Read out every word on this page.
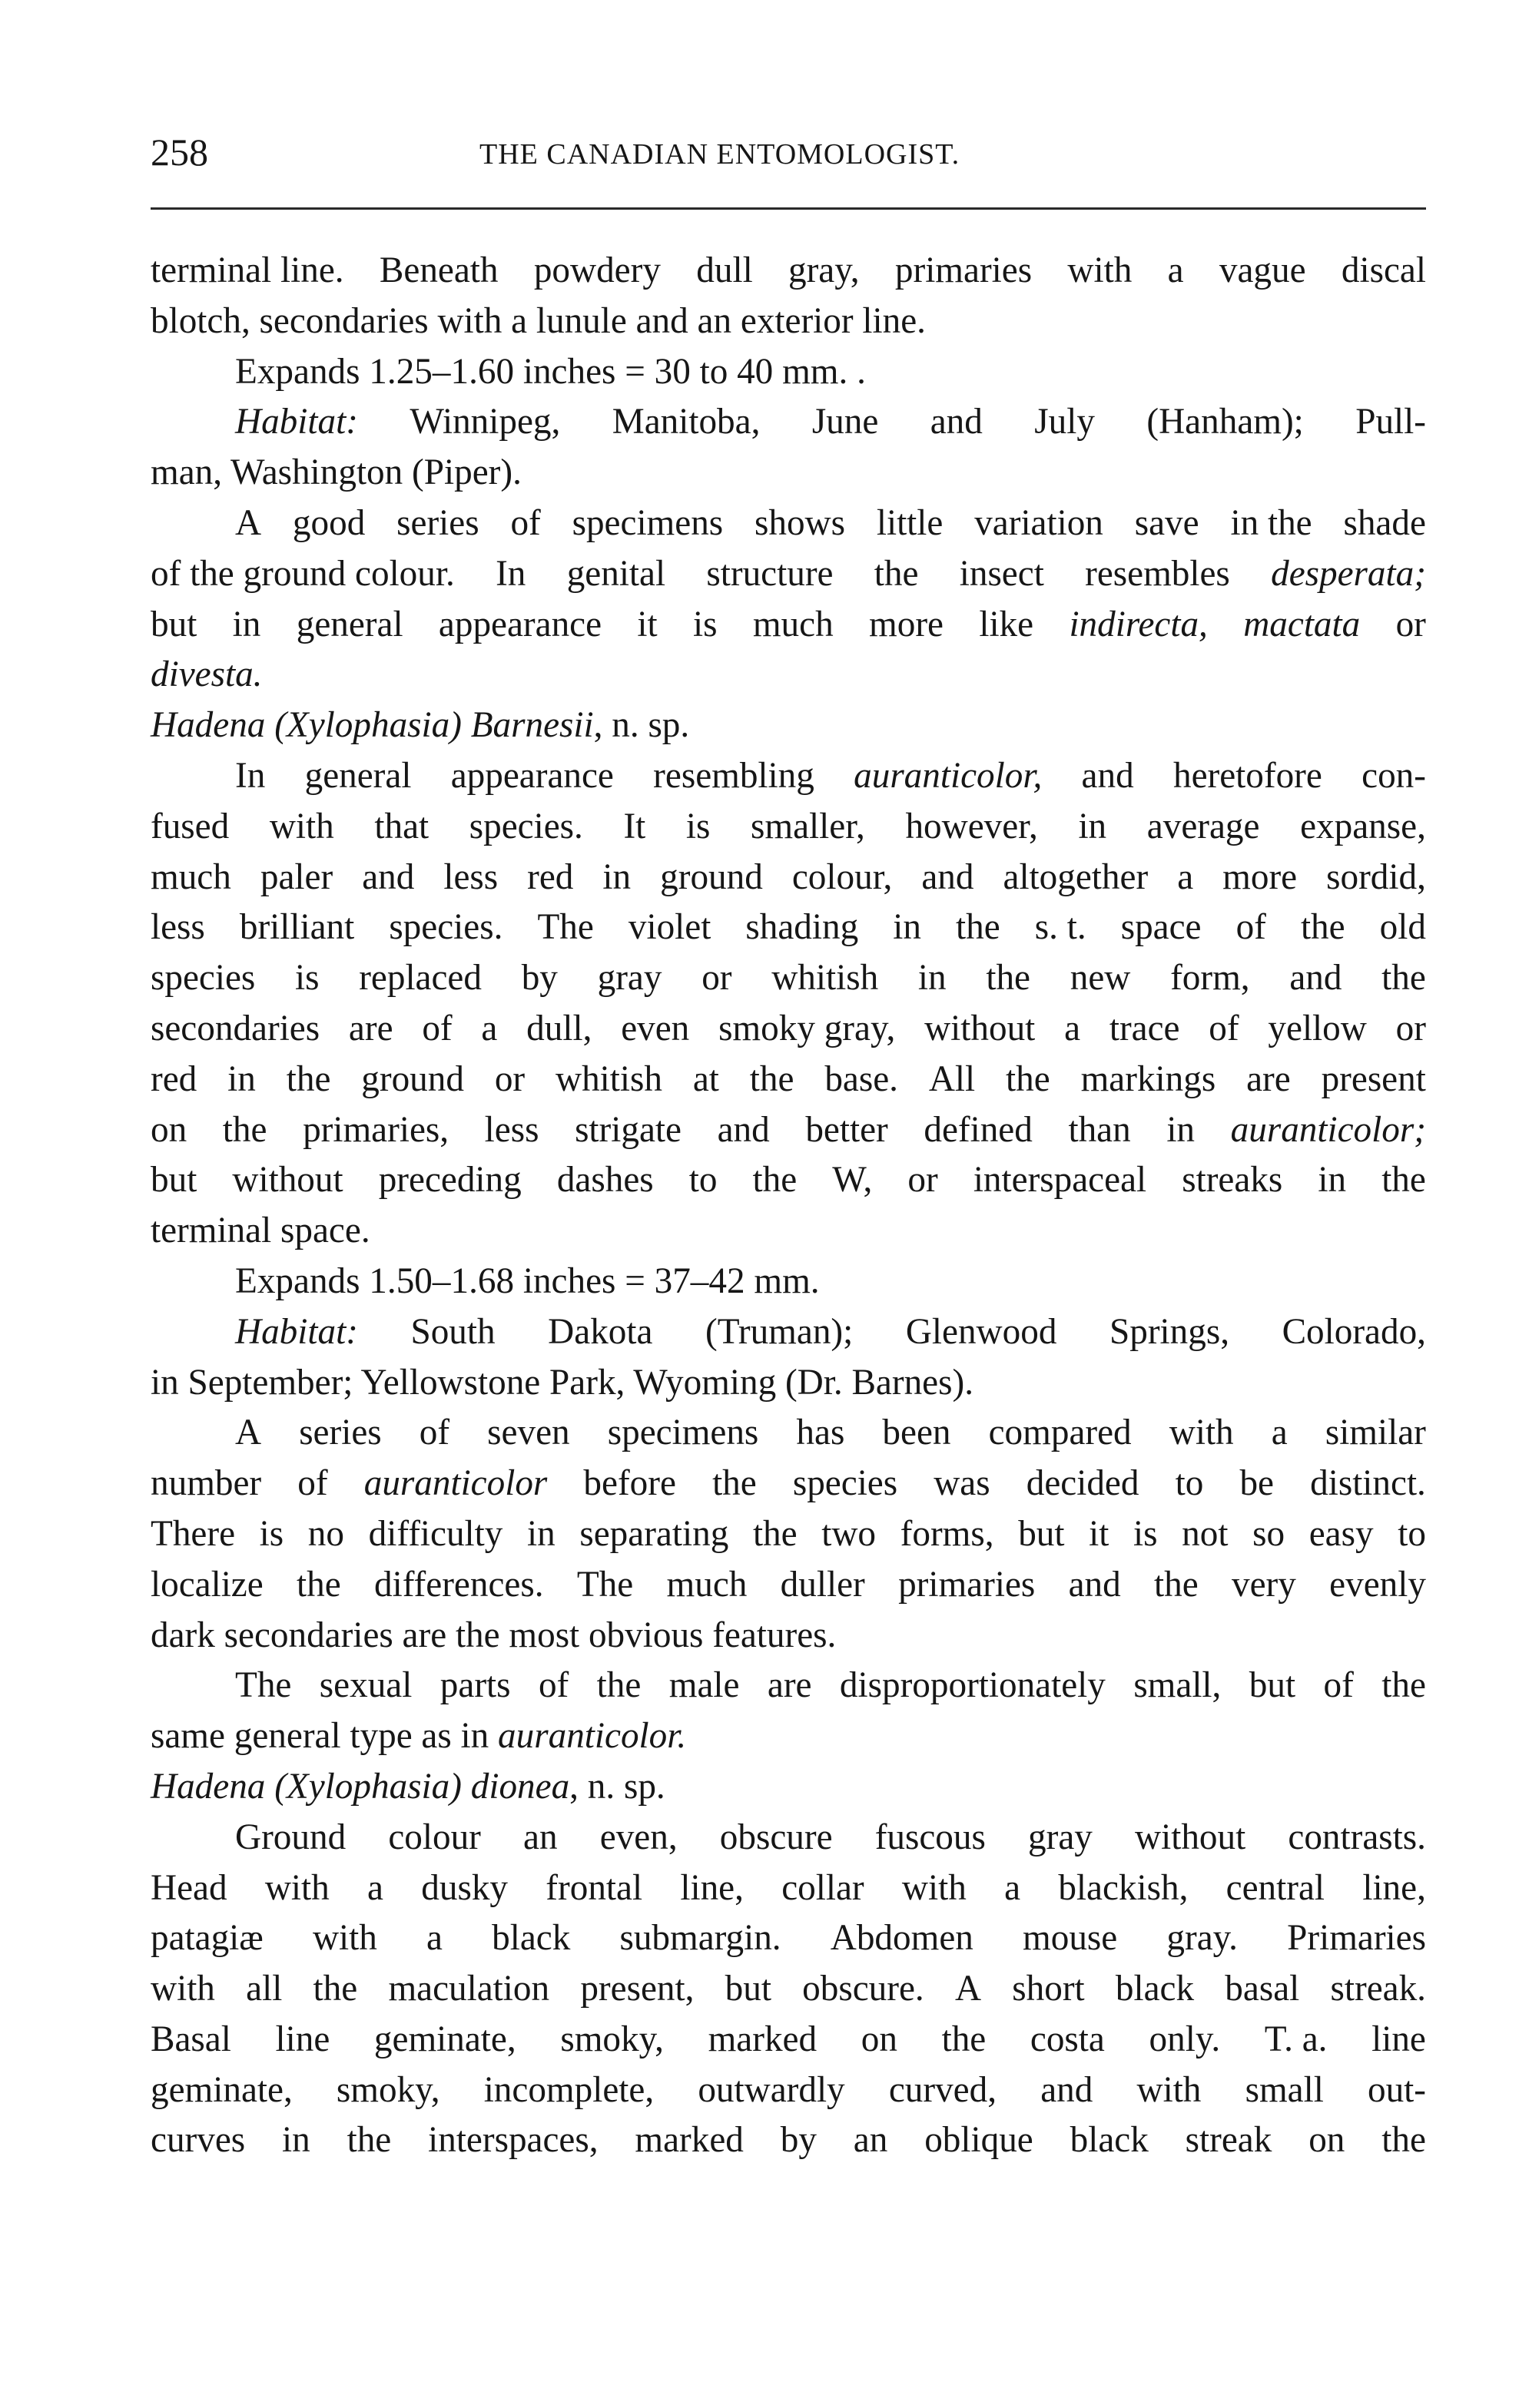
258	THE CANADIAN ENTOMOLOGIST.
terminal line. Beneath powdery dull gray, primaries with a vague discal
blotch, secondaries with a lunule and an exterior line.
Expands 1.25–1.60 inches = 30 to 40 mm. .
Habitat: Winnipeg, Manitoba, June and July (Hanham); Pull-
man, Washington (Piper).
A good series of specimens shows little variation save in the shade
of the ground colour. In genital structure the insect resembles desperata;
but in general appearance it is much more like indirecta, mactata or
divesta.
Hadena (Xylophasia) Barnesii, n. sp.
In general appearance resembling auranticolor, and heretofore con-
fused with that species. It is smaller, however, in average expanse,
much paler and less red in ground colour, and altogether a more sordid,
less brilliant species. The violet shading in the s. t. space of the old
species is replaced by gray or whitish in the new form, and the
secondaries are of a dull, even smoky gray, without a trace of yellow or
red in the ground or whitish at the base. All the markings are present
on the primaries, less strigate and better defined than in auranticolor;
but without preceding dashes to the W, or interspaceal streaks in the
terminal space.
Expands 1.50–1.68 inches = 37–42 mm.
Habitat: South Dakota (Truman); Glenwood Springs, Colorado,
in September; Yellowstone Park, Wyoming (Dr. Barnes).
A series of seven specimens has been compared with a similar
number of auranticolor before the species was decided to be distinct.
There is no difficulty in separating the two forms, but it is not so easy to
localize the differences. The much duller primaries and the very evenly
dark secondaries are the most obvious features.
The sexual parts of the male are disproportionately small, but of the
same general type as in auranticolor.
Hadena (Xylophasia) dionea, n. sp.
Ground colour an even, obscure fuscous gray without contrasts.
Head with a dusky frontal line, collar with a blackish, central line,
patagiæ with a black submargin. Abdomen mouse gray. Primaries
with all the maculation present, but obscure. A short black basal streak.
Basal line geminate, smoky, marked on the costa only. T. a. line
geminate, smoky, incomplete, outwardly curved, and with small out-
curves in the interspaces, marked by an oblique black streak on the
